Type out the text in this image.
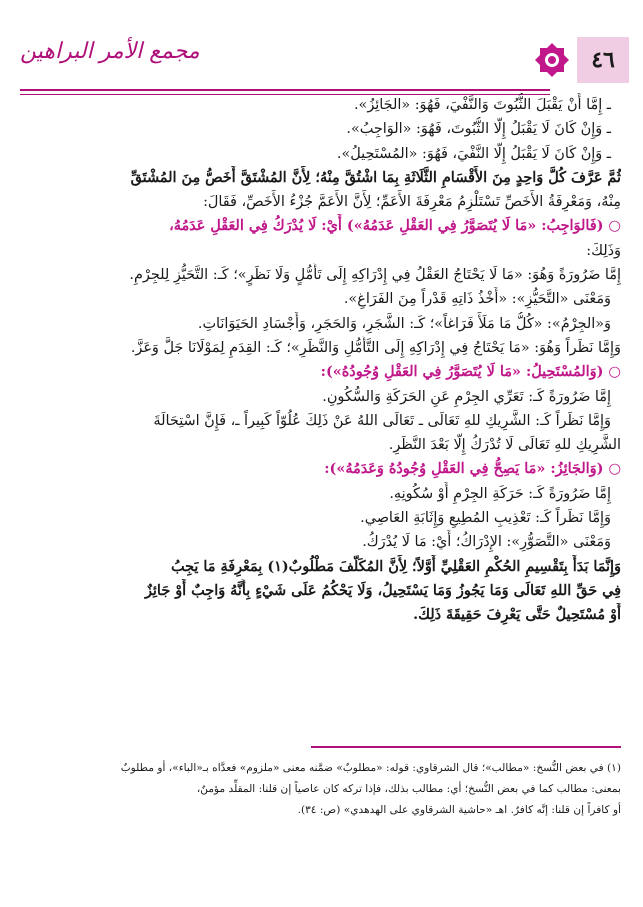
٤٦
مجمع الأمر البراهين
ـ إِمَّا أَنْ يَقْبَلَ الثُّبُوتَ وَالنَّفْيَ، فَهُوَ: «الجَائِزُ».
ـ وَإِنْ كَانَ لَا يَقْبَلُ إِلَّا الثُّبُوتَ، فَهُوَ: «الوَاجِبُ».
ـ وَإِنْ كَانَ لَا يَقْبَلُ إِلَّا النَّفْيَ، فَهُوَ: «المُسْتَحِيلُ».
ثُمَّ عَرَّفَ كُلَّ وَاحِدٍ مِنَ الأَقْسَامِ الثَّلَاثَةِ بِمَا اشْتُقَّ مِنْهُ؛ لِأَنَّ المُشْتَقَّ أَخَصُّ مِنَ المُشْتَقِّ
مِنْهُ، وَمَعْرِفَةُ الأَخَصِّ تَسْتَلْزِمُ مَعْرِفَةَ الأَعَمِّ؛ لِأَنَّ الأَعَمَّ جُزْءُ الأَخَصِّ، فَقَالَ:
○ (فَالوَاجِبُ: «مَا لَا يُتَصَوَّرُ فِي العَقْلِ عَدَمُهُ») أَيْ: لَا يُدْرَكُ فِي العَقْلِ عَدَمُهُ،
وَذَلِكَ:
إِمَّا ضَرُورَةً وَهُوَ: «مَا لَا يَحْتَاجُ العَقْلُ فِي إِدْرَاكِهِ إِلَى تَأَمُّلٍ وَلَا نَظَرٍ»؛ كَـ: التَّحَيُّزِ لِلجِرْمِ.
وَمَعْنَى «التَّحَيُّزِ»: «أَخْذُ ذَاتِهِ قَدْراً مِنَ الفَرَاغِ».
وَ«الجِرْمُ»: «كُلُّ مَا مَلَأَ فَرَاغاً»؛ كَـ: الشَّجَرِ، وَالحَجَرِ، وَأَجْسَادِ الحَيَوَانَاتِ.
وَإِمَّا نَظَراً وَهُوَ: «مَا يَحْتَاجُ فِي إِدْرَاكِهِ إِلَى التَّأَمُّلِ وَالنَّظَرِ»؛ كَـ: القِدَمِ لِمَوْلَانَا جَلَّ وَعَزَّ.
○ (وَالمُسْتَحِيلُ: «مَا لَا يُتَصَوَّرُ فِي العَقْلِ وُجُودُهُ»):
إِمَّا ضَرُورَةً كَـ: تَعَرِّي الجِرْمِ عَنِ الحَرَكَةِ وَالسُّكُونِ.
وَإِمَّا نَظَراً كَـ: الشَّرِيكِ للهِ تَعَالَى ـ تَعَالَى اللهُ عَنْ ذَلِكَ عُلُوّاً كَبِيراً ـ، فَإِنَّ اسْتِحَالَةَ
الشَّرِيكِ للهِ تَعَالَى لَا تُدْرَكُ إِلَّا بَعْدَ النَّظَرِ.
○ (وَالجَائِزُ: «مَا يَصِحُّ فِي العَقْلِ وُجُودُهُ وَعَدَمُهُ»):
إِمَّا ضَرُورَةً كَـ: حَرَكَةِ الجِرْمِ أَوْ سُكُونِهِ.
وَإِمَّا نَظَراً كَـ: تَعْذِيبِ المُطِيعِ وَإِثَابَةِ العَاصِي.
وَمَعْنَى «التَّصَوُّرِ»: الإِدْرَاكُ؛ أَيْ: مَا لَا يُدْرَكُ.
وَإِنَّمَا بَدَأَ بِتَقْسِيمِ الحُكْمِ العَقْلِيِّ أَوَّلاً؛ لِأَنَّ المُكَلَّفَ مَطْلُوبٌ(١) بِمَعْرِفَةِ مَا يَجِبُ
فِي حَقِّ اللهِ تَعَالَى وَمَا يَجُوزُ وَمَا يَسْتَحِيلُ، وَلَا يَحْكُمُ عَلَى شَيْءٍ بِأَنَّهُ وَاجِبٌ أَوْ جَائِزٌ
أَوْ مُسْتَحِيلٌ حَتَّى يَعْرِفَ حَقِيقَةَ ذَلِكَ.
(١) في بعض النُّسخ: «مطالب»؛ قال الشرقاوي: قوله: «مطلوبٌ» ضمَّنه معنى «ملزوم» فعدَّاه بـ«الباء»، أو مطلوبٌ
بمعنى: مطالب كما في بعض النُّسخ؛ أي: مطالب بذلك، فإذا تركه كان عاصياً إن قلنا: المقلِّد مؤمنٌ،
أو كافراً إن قلنا: إنَّه كافرٌ. اهـ «حاشية الشرقاوي على الهدهدي» (ص: ٣٤).
